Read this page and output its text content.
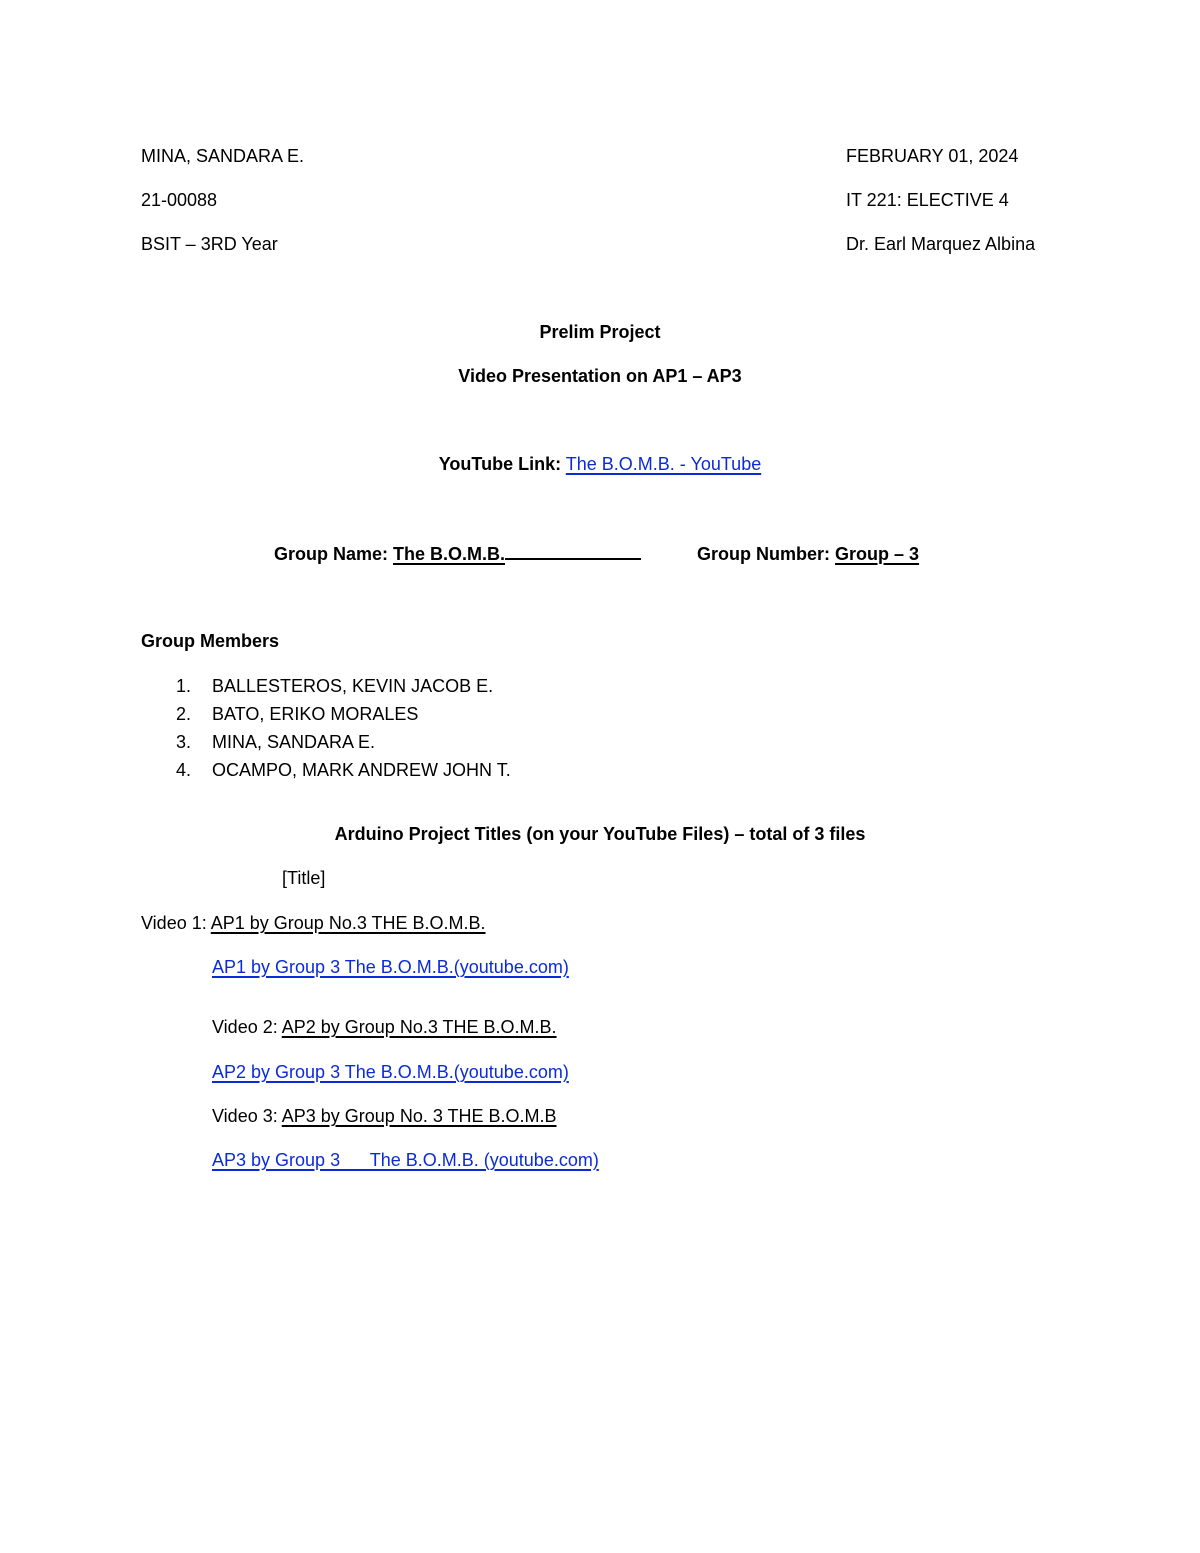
MINA, SANDARA E.
21-00088
BSIT – 3RD Year
FEBRUARY 01, 2024
IT 221: ELECTIVE 4
Dr. Earl Marquez Albina
Prelim Project
Video Presentation on AP1 – AP3
YouTube Link: The B.O.M.B. - YouTube
Group Name: The B.O.M.B.	Group Number: Group – 3
Group Members
1. BALLESTEROS, KEVIN JACOB E.
2. BATO, ERIKO MORALES
3. MINA, SANDARA E.
4. OCAMPO, MARK ANDREW JOHN T.
Arduino Project Titles (on your YouTube Files) – total of 3 files
[Title]
Video 1: AP1 by Group No.3 THE B.O.M.B.
AP1 by Group 3 The B.O.M.B.(youtube.com)
Video 2: AP2 by Group No.3 THE B.O.M.B.
AP2 by Group 3 The B.O.M.B.(youtube.com)
Video 3: AP3 by Group No. 3 THE B.O.M.B
AP3 by Group 3      The B.O.M.B. (youtube.com)
